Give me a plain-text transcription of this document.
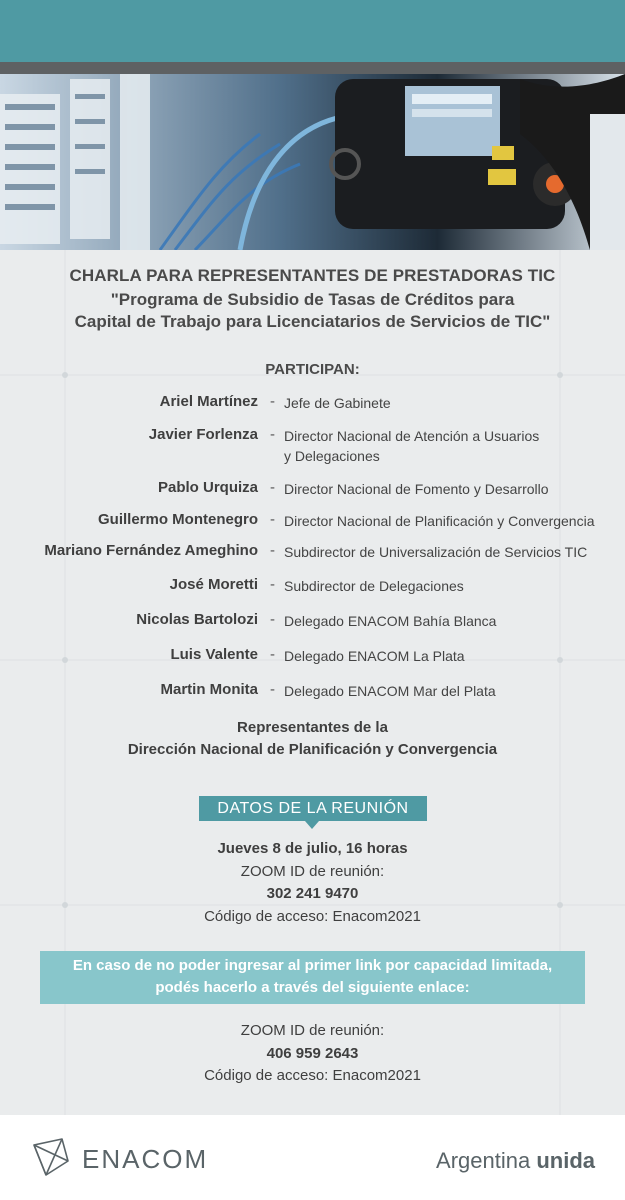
CHARLA PARA REPRESENTANTES DE PRESTADORAS TIC
"Programa de Subsidio de Tasas de Créditos para
Capital de Trabajo para Licenciatarios de Servicios de TIC"
PARTICIPAN:
Ariel Martínez - Jefe de Gabinete
Javier Forlenza - Director Nacional de Atención a Usuarios
y Delegaciones
Pablo Urquiza - Director Nacional de Fomento y Desarrollo
Guillermo Montenegro - Director Nacional de Planificación y Convergencia
Mariano Fernández Ameghino - Subdirector de Universalización de Servicios TIC
José Moretti - Subdirector de Delegaciones
Nicolas Bartolozi - Delegado ENACOM Bahía Blanca
Luis Valente - Delegado ENACOM La Plata
Martin Monita - Delegado ENACOM Mar del Plata
Representantes de la
Dirección Nacional de Planificación y Convergencia
DATOS DE LA REUNIÓN
Jueves 8 de julio, 16 horas
ZOOM ID de reunión:
302 241 9470
Código de acceso: Enacom2021
En caso de no poder ingresar al primer link por capacidad limitada,
podés hacerlo a través del siguiente enlace:
ZOOM ID de reunión:
406 959 2643
Código de acceso: Enacom2021
ENACOM	Argentina unida
